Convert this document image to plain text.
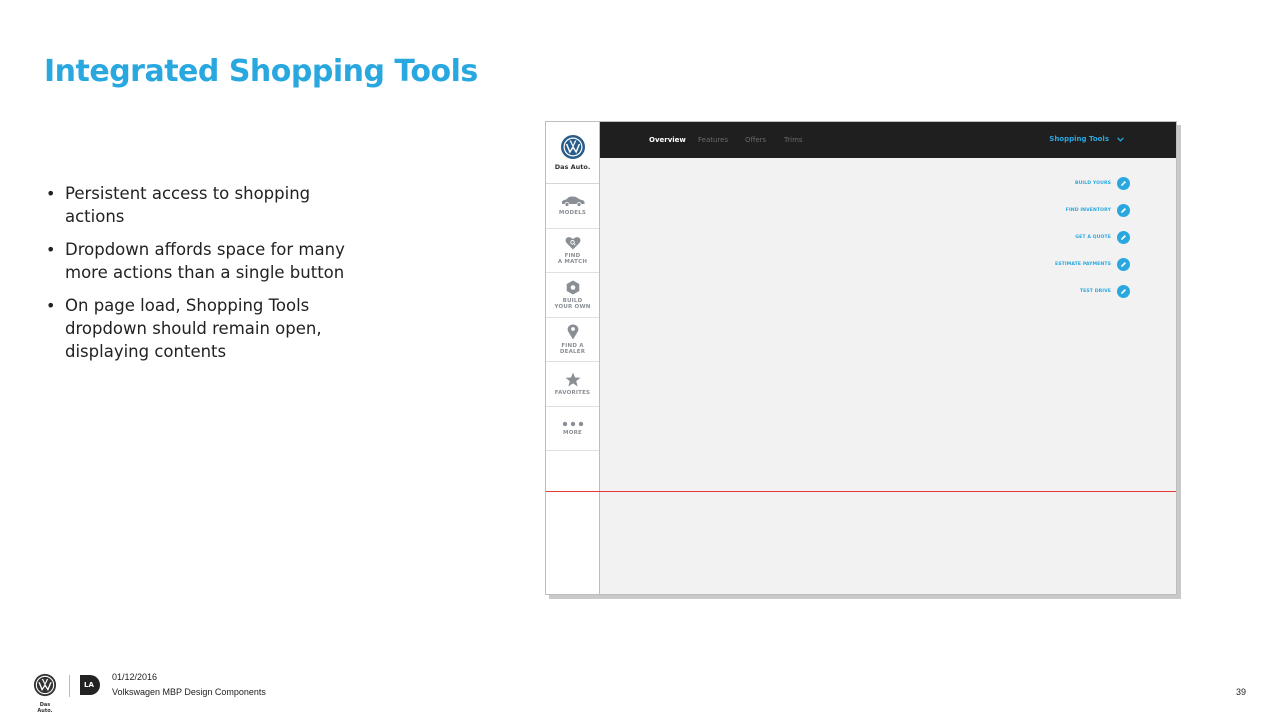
Integrated Shopping Tools
• Persistent access to shopping actions
• Dropdown affords space for many more actions than a single button
• On page load, Shopping Tools dropdown should remain open, displaying contents
Das Auto.
MODELS
FIND
A MATCH
BUILD
YOUR OWN
FIND A
DEALER
FAVORITES
MORE
Overview Features Offers	Trims	Shopping Tools
BUILD YOURS
FIND INVENTORY
GET A QUOTE
ESTIMATE PAYMENTS
TEST DRIVE
Das Auto.
LA
01/12/2016
Volkswagen MBP Design Components	39
